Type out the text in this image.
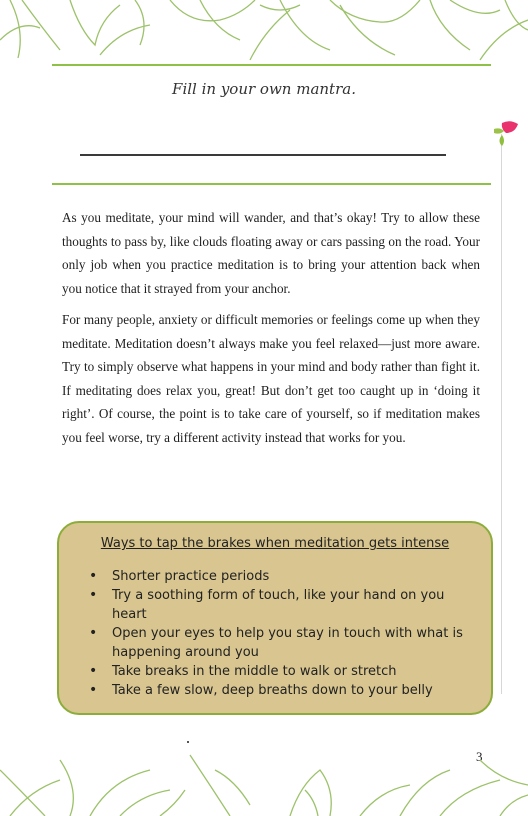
Fill in your own mantra.

As you meditate, your mind will wander, and that’s okay! Try to allow these thoughts to pass by, like clouds floating away or cars passing on the road. Your only job when you practice meditation is to bring your attention back when you notice that it strayed from your anchor.

For many people, anxiety or difficult memories or feelings come up when they meditate. Meditation doesn’t always make you feel relaxed—just more aware. Try to simply observe what happens in your mind and body rather than fight it. If meditating does relax you, great! But don’t get too caught up in ‘doing it right’. Of course, the point is to take care of yourself, so if meditation makes you feel worse, try a different activity instead that works for you.

Ways to tap the brakes when meditation gets intense
• Shorter practice periods
• Try a soothing form of touch, like your hand on you heart
• Open your eyes to help you stay in touch with what is happening around you
• Take breaks in the middle to walk or stretch
• Take a few slow, deep breaths down to your belly
3
